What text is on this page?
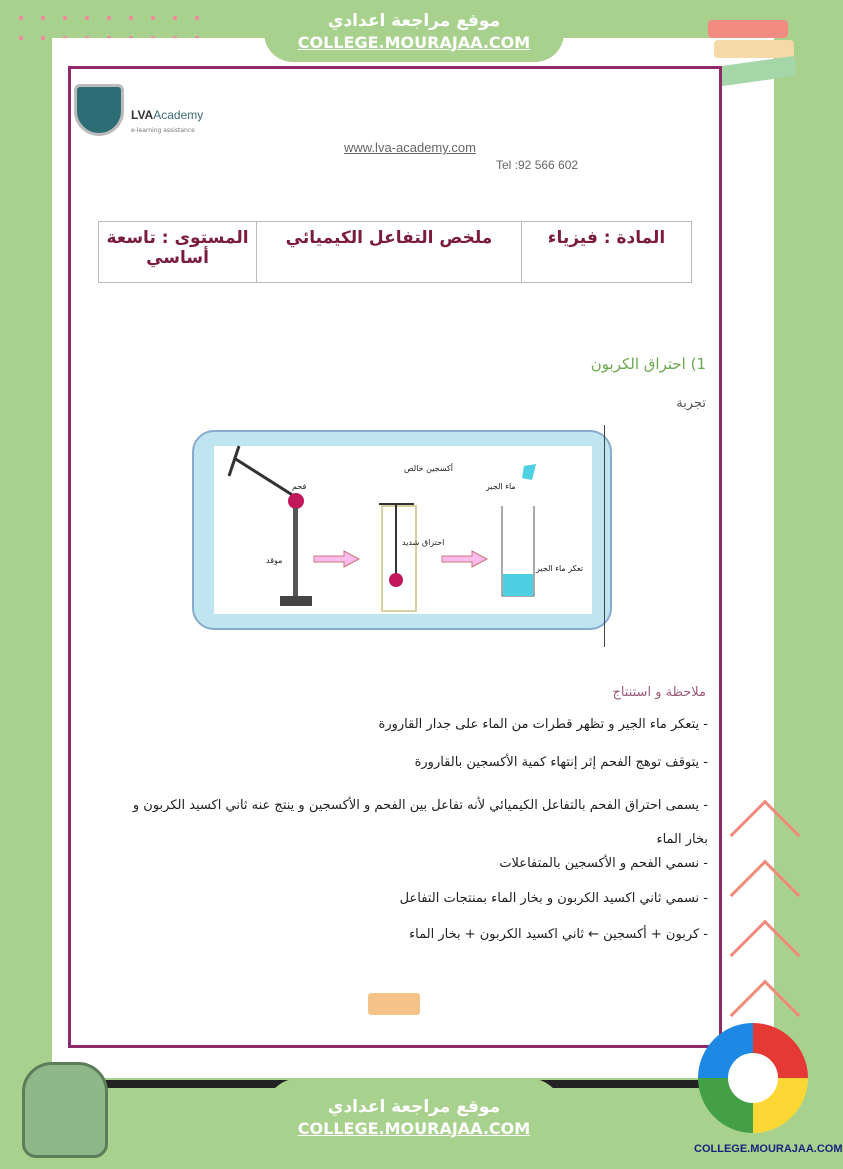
موقع مراجعة اعدادي
COLLEGE.MOURAJAA.COM
LVAAcademy
e-learning assistance
www.lva-academy.com
Tel :92 566 602
المادة : فيزياء	ملخص التفاعل الكيميائي	المستوى : تاسعة أساسي
1) احتراق الكربون
تجربة
فحم
موقد
أكسجين خالص
احتراق شديد
ماء الجير
تعكر ماء الجير
ملاحظة و استنتاج
- يتعكر ماء الجير و تظهر قطرات من الماء على جدار القارورة
- يتوقف توهج الفحم إثر إنتهاء كمية الأكسجين بالقارورة
- يسمى احتراق الفحم بالتفاعل الكيميائي لأنه تفاعل بين الفحم و الأكسجين و ينتج عنه ثاني اكسيد الكربون و بخار الماء
- نسمي الفحم و الأكسجين بالمتفاعلات
- نسمي ثاني اكسيد الكربون و بخار الماء بمنتجات التفاعل
- كربون + أكسجين ← ثاني اكسيد الكربون + بخار الماء
موقع مراجعة اعدادي
COLLEGE.MOURAJAA.COM
COLLEGE.MOURAJAA.COM
